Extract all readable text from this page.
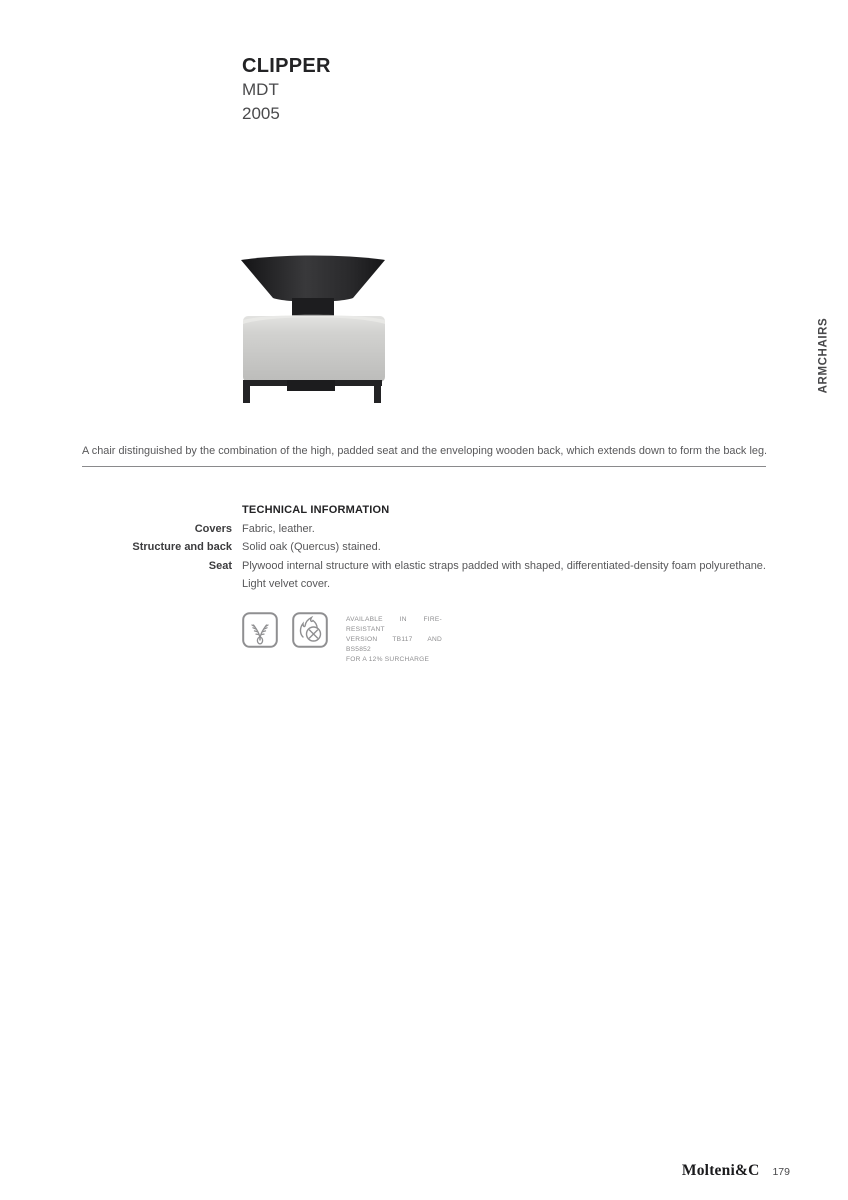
CLIPPER
MDT
2005
ARMCHAIRS
A chair distinguished by the combination of the high, padded seat and the enveloping wooden back, which extends down to form the back leg.
TECHNICAL INFORMATION
Covers Fabric, leather.
Structure and back Solid oak (Quercus) stained.
Seat Plywood internal structure with elastic straps padded with shaped, differentiated-density foam polyurethane.
Light velvet cover.
AVAILABLE IN FIRE-RESISTANT
VERSION TB117 AND BS5852
FOR A 12% SURCHARGE
Molteni&C 179
